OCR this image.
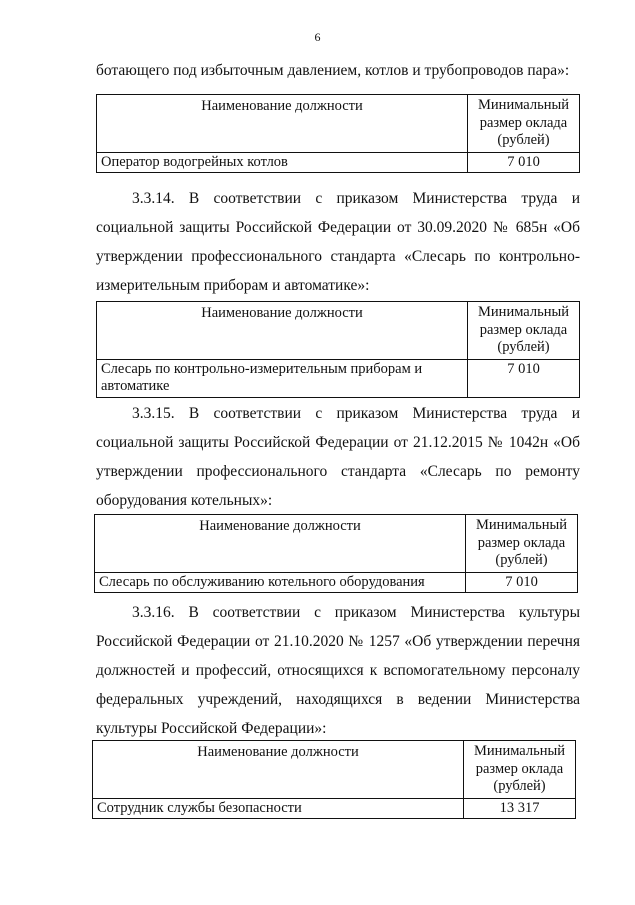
6

ботающего под избыточным давлением, котлов и трубопроводов пара»:

Наименование должности	Минимальный размер оклада (рублей)
Оператор водогрейных котлов	7 010

3.3.14. В соответствии с приказом Министерства труда и социальной защиты Российской Федерации от 30.09.2020 № 685н «Об утверждении профессионального стандарта «Слесарь по контрольно-измерительным приборам и автоматике»:

Наименование должности	Минимальный размер оклада (рублей)
Слесарь по контрольно-измерительным приборам и автоматике	7 010

3.3.15. В соответствии с приказом Министерства труда и социальной защиты Российской Федерации от 21.12.2015 № 1042н «Об утверждении профессионального стандарта «Слесарь по ремонту оборудования котельных»:

Наименование должности	Минимальный размер оклада (рублей)
Слесарь по обслуживанию котельного оборудования	7 010

3.3.16. В соответствии с приказом Министерства культуры Российской Федерации от 21.10.2020 № 1257 «Об утверждении перечня должностей и профессий, относящихся к вспомогательному персоналу федеральных учреждений, находящихся в ведении Министерства культуры Российской Федерации»:

Наименование должности	Минимальный размер оклада (рублей)
Сотрудник службы безопасности	13 317
